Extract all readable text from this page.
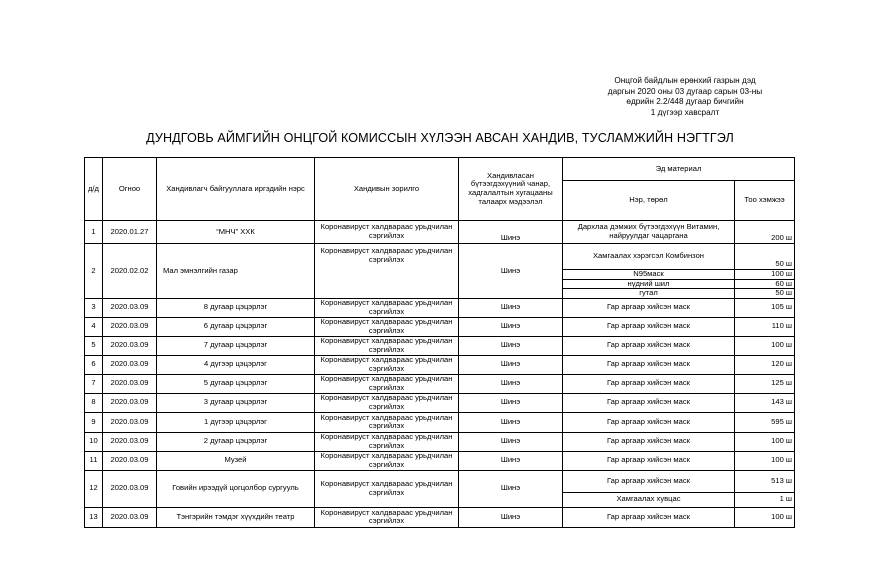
Онцгой байдлын ерөнхий газрын дэд
даргын 2020 оны 03 дугаар сарын 03-ны
өдрийн 2.2/448 дугаар бичгийн
1 дүгээр хавсралт
ДУНДГОВЬ АЙМГИЙН ОНЦГОЙ КОМИССЫН ХҮЛЭЭН АВСАН ХАНДИВ, ТУСЛАМЖИЙН НЭГТГЭЛ
д/д	Огноо	Хандивлагч байгууллага иргэдийн нэрс	Хандивын зорилго	Хандивласан бүтээгдэхүүний чанар, хадгалалтын хугацааны талаарх мэдээлэл	Эд материал	
					Нэр, төрөл	Тоо хэмжээ
1	2020.01.27	“МНЧ” ХХК	Коронавируст халдвараас урьдчилан сэргийлэх	Шинэ	Дархлаа дэмжих бүтээгдэхүүн Витамин, найруулдаг чацаргана	200 ш
2	2020.02.02	Мал эмнэлгийн газар	Коронавируст халдвараас урьдчилан сэргийлэх	Шинэ	Хамгаалах хэрэгсэл Комбинзон	50 ш
					N95маск	100 ш
					нүдний шил	60 ш
					гутал	50 ш
3	2020.03.09	8 дугаар цэцэрлэг	Коронавируст халдвараас урьдчилан сэргийлэх	Шинэ	Гар аргаар хийсэн маск	105 ш
4	2020.03.09	6 дугаар цэцэрлэг	Коронавируст халдвараас урьдчилан сэргийлэх	Шинэ	Гар аргаар хийсэн маск	110 ш
5	2020.03.09	7 дугаар цэцэрлэг	Коронавируст халдвараас урьдчилан сэргийлэх	Шинэ	Гар аргаар хийсэн маск	100 ш
6	2020.03.09	4 дүгээр цэцэрлэг	Коронавируст халдвараас урьдчилан сэргийлэх	Шинэ	Гар аргаар хийсэн маск	120 ш
7	2020.03.09	5 дугаар цэцэрлэг	Коронавируст халдвараас урьдчилан сэргийлэх	Шинэ	Гар аргаар хийсэн маск	125 ш
8	2020.03.09	3 дугаар цэцэрлэг	Коронавируст халдвараас урьдчилан сэргийлэх	Шинэ	Гар аргаар хийсэн маск	143 ш
9	2020.03.09	1 дүгээр цэцэрлэг	Коронавируст халдвараас урьдчилан сэргийлэх	Шинэ	Гар аргаар хийсэн маск	595 ш
10	2020.03.09	2 дугаар цэцэрлэг	Коронавируст халдвараас урьдчилан сэргийлэх	Шинэ	Гар аргаар хийсэн маск	100 ш
11	2020.03.09	Музей	Коронавируст халдвараас урьдчилан сэргийлэх	Шинэ	Гар аргаар хийсэн маск	100 ш
12	2020.03.09	Говийн ирээдүй цогцолбор сургууль	Коронавируст халдвараас урьдчилан сэргийлэх	Шинэ	Гар аргаар хийсэн маск	513 ш
					Хамгаалах хувцас	1 ш
13	2020.03.09	Тэнгэрийн тэмдэг хүүхдийн театр	Коронавируст халдвараас урьдчилан сэргийлэх	Шинэ	Гар аргаар хийсэн маск	100 ш
